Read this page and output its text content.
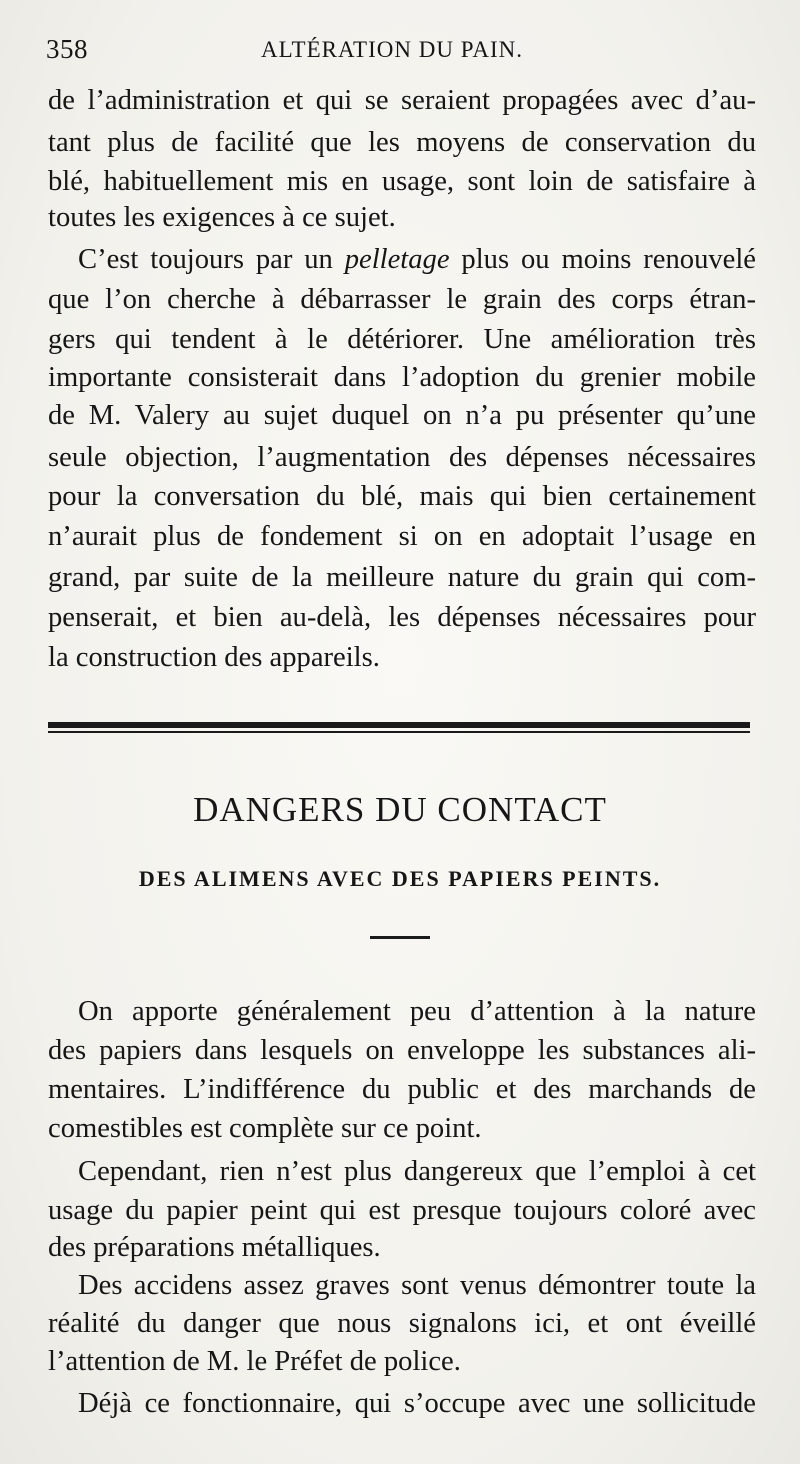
358	ALTÉRATION DU PAIN.
de l’administration et qui se seraient propagées avec d’au-
tant plus de facilité que les moyens de conservation du
blé, habituellement mis en usage, sont loin de satisfaire à
toutes les exigences à ce sujet.
C’est toujours par un pelletage plus ou moins renouvelé
que l’on cherche à débarrasser le grain des corps étran-
gers qui tendent à le détériorer. Une amélioration très
importante consisterait dans l’adoption du grenier mobile
de M. Valery au sujet duquel on n’a pu présenter qu’une
seule objection, l’augmentation des dépenses nécessaires
pour la conversation du blé, mais qui bien certainement
n’aurait plus de fondement si on en adoptait l’usage en
grand, par suite de la meilleure nature du grain qui com-
penserait, et bien au-delà, les dépenses nécessaires pour
la construction des appareils.
DANGERS DU CONTACT
DES ALIMENS AVEC DES PAPIERS PEINTS.
On apporte généralement peu d’attention à la nature
des papiers dans lesquels on enveloppe les substances ali-
mentaires. L’indifférence du public et des marchands de
comestibles est complète sur ce point.
Cependant, rien n’est plus dangereux que l’emploi à cet
usage du papier peint qui est presque toujours coloré avec
des préparations métalliques.
Des accidens assez graves sont venus démontrer toute la
réalité du danger que nous signalons ici, et ont éveillé
l’attention de M. le Préfet de police.
Déjà ce fonctionnaire, qui s’occupe avec une sollicitude
